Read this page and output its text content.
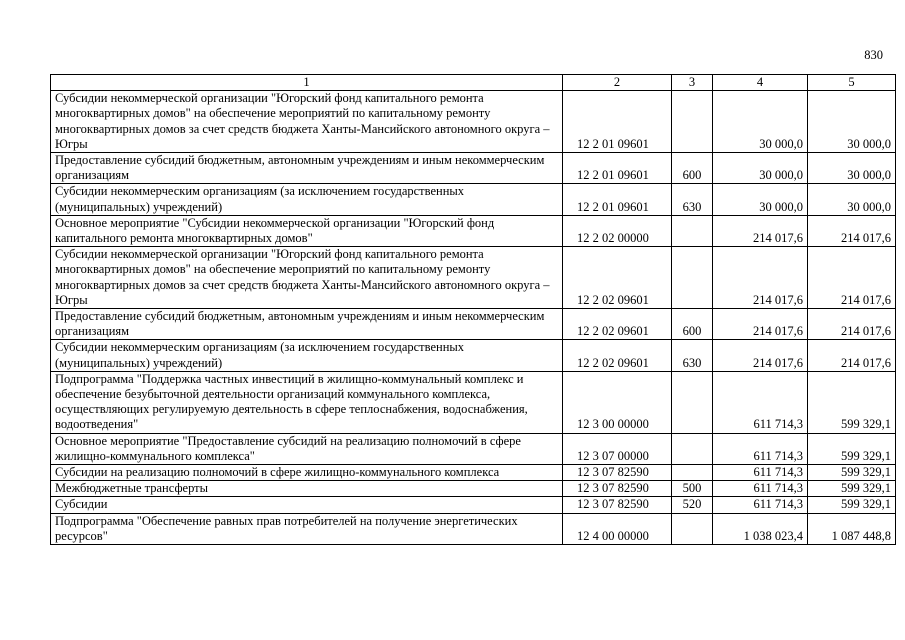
830
1	2	3	4	5
Субсидии некоммерческой организации "Югорский фонд капитального ремонта многоквартирных домов" на обеспечение мероприятий по капитальному ремонту многоквартирных домов за счет средств бюджета Ханты-Мансийского автономного округа – Югры	12 2 01 09601		30 000,0	30 000,0
Предоставление субсидий бюджетным, автономным учреждениям и иным некоммерческим организациям	12 2 01 09601	600	30 000,0	30 000,0
Субсидии некоммерческим организациям (за исключением государственных (муниципальных) учреждений)	12 2 01 09601	630	30 000,0	30 000,0
Основное мероприятие "Субсидии некоммерческой организации "Югорский фонд капитального ремонта многоквартирных домов"	12 2 02 00000		214 017,6	214 017,6
Субсидии некоммерческой организации "Югорский фонд капитального ремонта многоквартирных домов" на обеспечение мероприятий по капитальному ремонту многоквартирных домов за счет средств бюджета Ханты-Мансийского автономного округа – Югры	12 2 02 09601		214 017,6	214 017,6
Предоставление субсидий бюджетным, автономным учреждениям и иным некоммерческим организациям	12 2 02 09601	600	214 017,6	214 017,6
Субсидии некоммерческим организациям (за исключением государственных (муниципальных) учреждений)	12 2 02 09601	630	214 017,6	214 017,6
Подпрограмма "Поддержка частных инвестиций в жилищно-коммунальный комплекс и обеспечение безубыточной деятельности организаций коммунального комплекса, осуществляющих регулируемую деятельность в сфере теплоснабжения, водоснабжения, водоотведения"	12 3 00 00000		611 714,3	599 329,1
Основное мероприятие "Предоставление субсидий на реализацию полномочий в сфере жилищно-коммунального комплекса"	12 3 07 00000		611 714,3	599 329,1
Субсидии на реализацию полномочий в сфере жилищно-коммунального комплекса	12 3 07 82590		611 714,3	599 329,1
Межбюджетные трансферты	12 3 07 82590	500	611 714,3	599 329,1
Субсидии	12 3 07 82590	520	611 714,3	599 329,1
Подпрограмма "Обеспечение равных прав потребителей на получение энергетических ресурсов"	12 4 00 00000		1 038 023,4	1 087 448,8
